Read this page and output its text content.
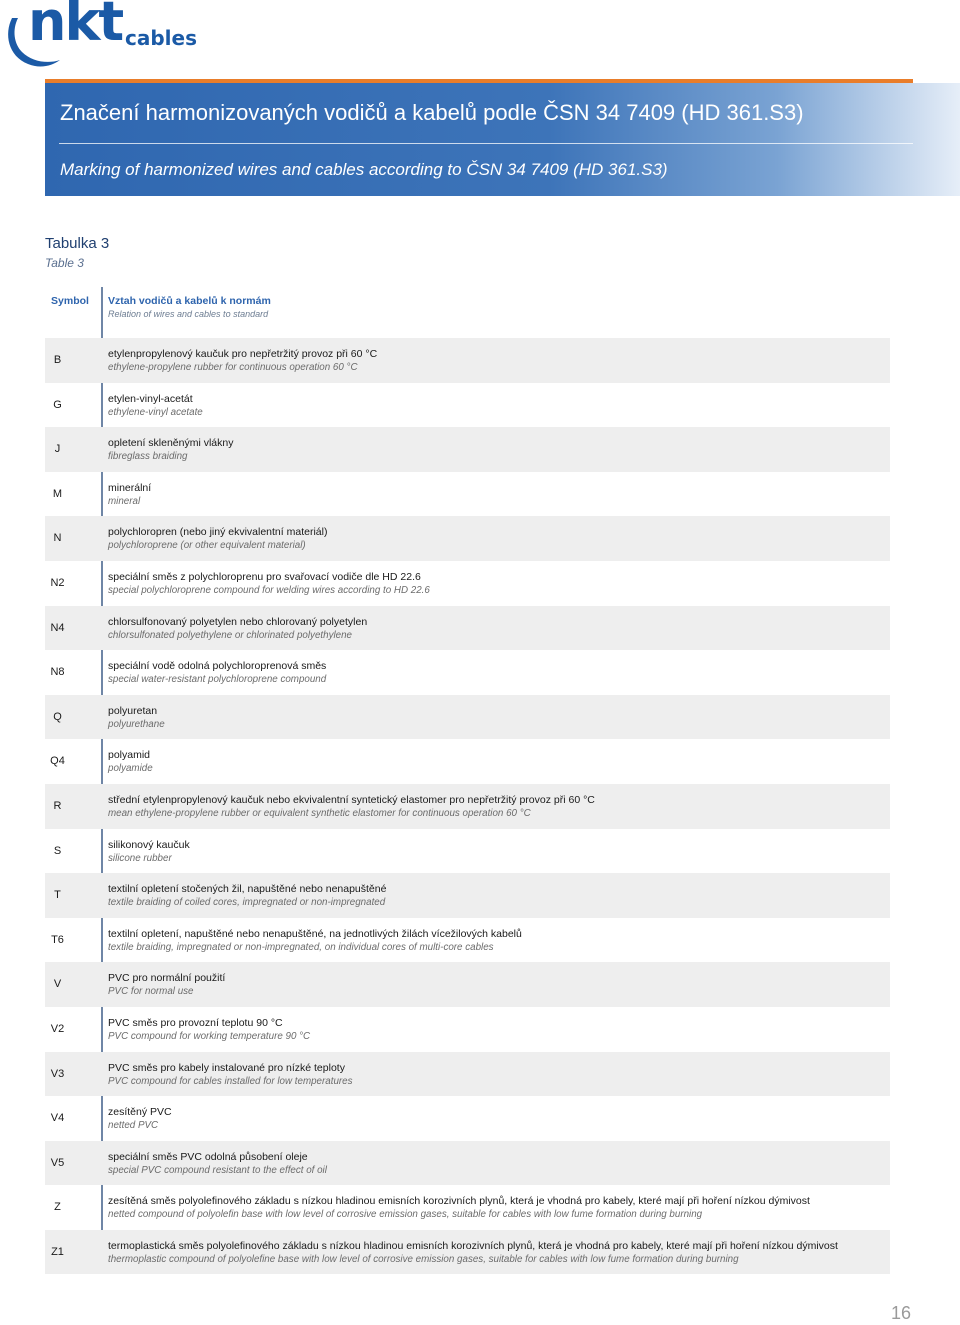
nkt cables
Značení harmonizovaných vodičů a kabelů podle ČSN 34 7409 (HD 361.S3)
Marking of harmonized wires and cables according to ČSN 34 7409 (HD 361.S3)
Tabulka 3
Table 3
Symbol	Vztah vodičů a kabelů k normám
Relation of wires and cables to standard
B	etylenpropylenový kaučuk pro nepřetržitý provoz při 60 °C
ethylene-propylene rubber for continuous operation 60 °C
G	etylen-vinyl-acetát
ethylene-vinyl acetate
J	opletení skleněnými vlákny
fibreglass braiding
M	minerální
mineral
N	polychloropren (nebo jiný ekvivalentní materiál)
polychloroprene (or other equivalent material)
N2	speciální směs z polychloroprenu pro svařovací vodiče dle HD 22.6
special polychloroprene compound for welding wires according to HD 22.6
N4	chlorsulfonovaný polyetylen nebo chlorovaný polyetylen
chlorsulfonated polyethylene or chlorinated polyethylene
N8	speciální vodě odolná polychloroprenová směs
special water-resistant polychloroprene compound
Q	polyuretan
polyurethane
Q4	polyamid
polyamide
R	střední etylenpropylenový kaučuk nebo ekvivalentní syntetický elastomer pro nepřetržitý provoz při 60 °C
mean ethylene-propylene rubber or equivalent synthetic elastomer for continuous operation 60 °C
S	silikonový kaučuk
silicone rubber
T	textilní opletení stočených žil, napuštěné nebo nenapuštěné
textile braiding of coiled cores, impregnated or non-impregnated
T6	textilní opletení, napuštěné nebo nenapuštěné, na jednotlivých žilách vícežilových kabelů
textile braiding, impregnated or non-impregnated, on individual cores of multi-core cables
V	PVC pro normální použití
PVC for normal use
V2	PVC směs pro provozní teplotu 90 °C
PVC compound for working temperature 90 °C
V3	PVC směs pro kabely instalované pro nízké teploty
PVC compound for cables installed for low temperatures
V4	zesítěný PVC
netted PVC
V5	speciální směs PVC odolná působení oleje
special PVC compound resistant to the effect of oil
Z	zesítěná směs polyolefinového základu s nízkou hladinou emisních korozivních plynů, která je vhodná pro kabely, které mají při hoření nízkou dýmivost
netted compound of polyolefin base with low level of corrosive emission gases, suitable for cables with low fume formation during burning
Z1	termoplastická směs polyolefinového základu s nízkou hladinou emisních korozivních plynů, která je vhodná pro kabely, které mají při hoření nízkou dýmivost
thermoplastic compound of polyolefine base with low level of corrosive emission gases, suitable for cables with low fume formation during burning
16
